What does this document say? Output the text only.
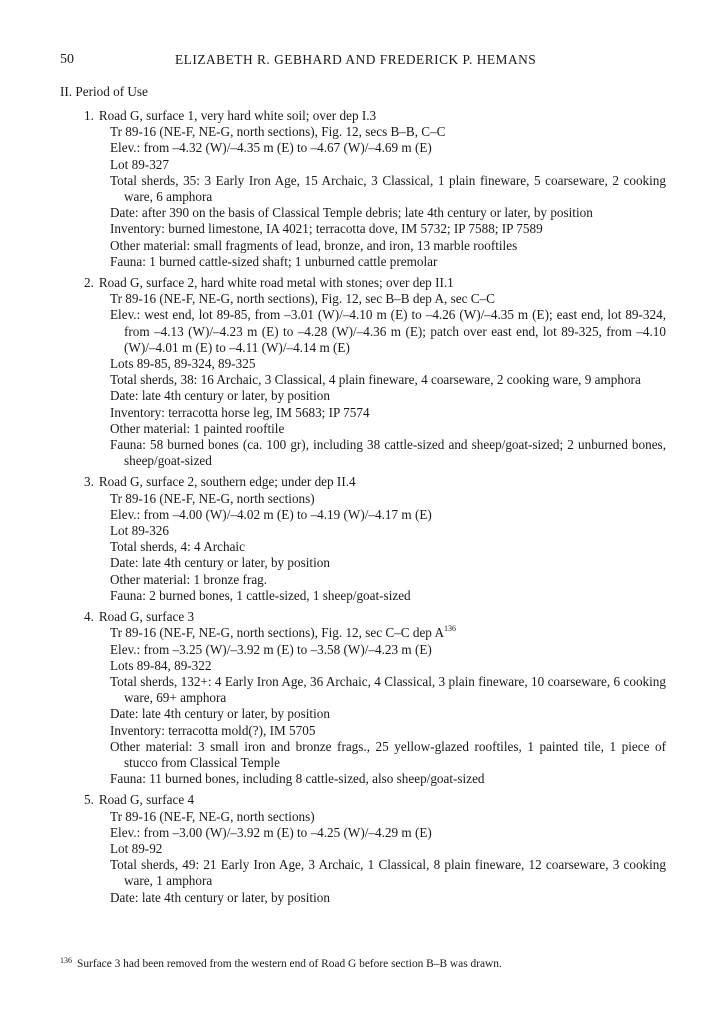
50	ELIZABETH R. GEBHARD AND FREDERICK P. HEMANS
II. Period of Use
1. Road G, surface 1, very hard white soil; over dep I.3
Tr 89-16 (NE-F, NE-G, north sections), Fig. 12, secs B–B, C–C
Elev.: from –4.32 (W)/–4.35 m (E) to –4.67 (W)/–4.69 m (E)
Lot 89-327
Total sherds, 35: 3 Early Iron Age, 15 Archaic, 3 Classical, 1 plain fineware, 5 coarseware, 2 cooking ware, 6 amphora
Date: after 390 on the basis of Classical Temple debris; late 4th century or later, by position
Inventory: burned limestone, IA 4021; terracotta dove, IM 5732; IP 7588; IP 7589
Other material: small fragments of lead, bronze, and iron, 13 marble rooftiles
Fauna: 1 burned cattle-sized shaft; 1 unburned cattle premolar
2. Road G, surface 2, hard white road metal with stones; over dep II.1
Tr 89-16 (NE-F, NE-G, north sections), Fig. 12, sec B–B dep A, sec C–C
Elev.: west end, lot 89-85, from –3.01 (W)/–4.10 m (E) to –4.26 (W)/–4.35 m (E); east end, lot 89-324, from –4.13 (W)/–4.23 m (E) to –4.28 (W)/–4.36 m (E); patch over east end, lot 89-325, from –4.10 (W)/–4.01 m (E) to –4.11 (W)/–4.14 m (E)
Lots 89-85, 89-324, 89-325
Total sherds, 38: 16 Archaic, 3 Classical, 4 plain fineware, 4 coarseware, 2 cooking ware, 9 amphora
Date: late 4th century or later, by position
Inventory: terracotta horse leg, IM 5683; IP 7574
Other material: 1 painted rooftile
Fauna: 58 burned bones (ca. 100 gr), including 38 cattle-sized and sheep/goat-sized; 2 unburned bones, sheep/goat-sized
3. Road G, surface 2, southern edge; under dep II.4
Tr 89-16 (NE-F, NE-G, north sections)
Elev.: from –4.00 (W)/–4.02 m (E) to –4.19 (W)/–4.17 m (E)
Lot 89-326
Total sherds, 4: 4 Archaic
Date: late 4th century or later, by position
Other material: 1 bronze frag.
Fauna: 2 burned bones, 1 cattle-sized, 1 sheep/goat-sized
4. Road G, surface 3
Tr 89-16 (NE-F, NE-G, north sections), Fig. 12, sec C–C dep $A^{136}$
Elev.: from –3.25 (W)/–3.92 m (E) to –3.58 (W)/–4.23 m (E)
Lots 89-84, 89-322
Total sherds, 132+: 4 Early Iron Age, 36 Archaic, 4 Classical, 3 plain fineware, 10 coarseware, 6 cooking ware, 69+ amphora
Date: late 4th century or later, by position
Inventory: terracotta mold(?), IM 5705
Other material: 3 small iron and bronze frags., 25 yellow-glazed rooftiles, 1 painted tile, 1 piece of stucco from Classical Temple
Fauna: 11 burned bones, including 8 cattle-sized, also sheep/goat-sized
5. Road G, surface 4
Tr 89-16 (NE-F, NE-G, north sections)
Elev.: from –3.00 (W)/–3.92 m (E) to –4.25 (W)/–4.29 m (E)
Lot 89-92
Total sherds, 49: 21 Early Iron Age, 3 Archaic, 1 Classical, 8 plain fineware, 12 coarseware, 3 cooking ware, 1 amphora
Date: late 4th century or later, by position
$^{136}$ Surface 3 had been removed from the western end of Road G before section B–B was drawn.
